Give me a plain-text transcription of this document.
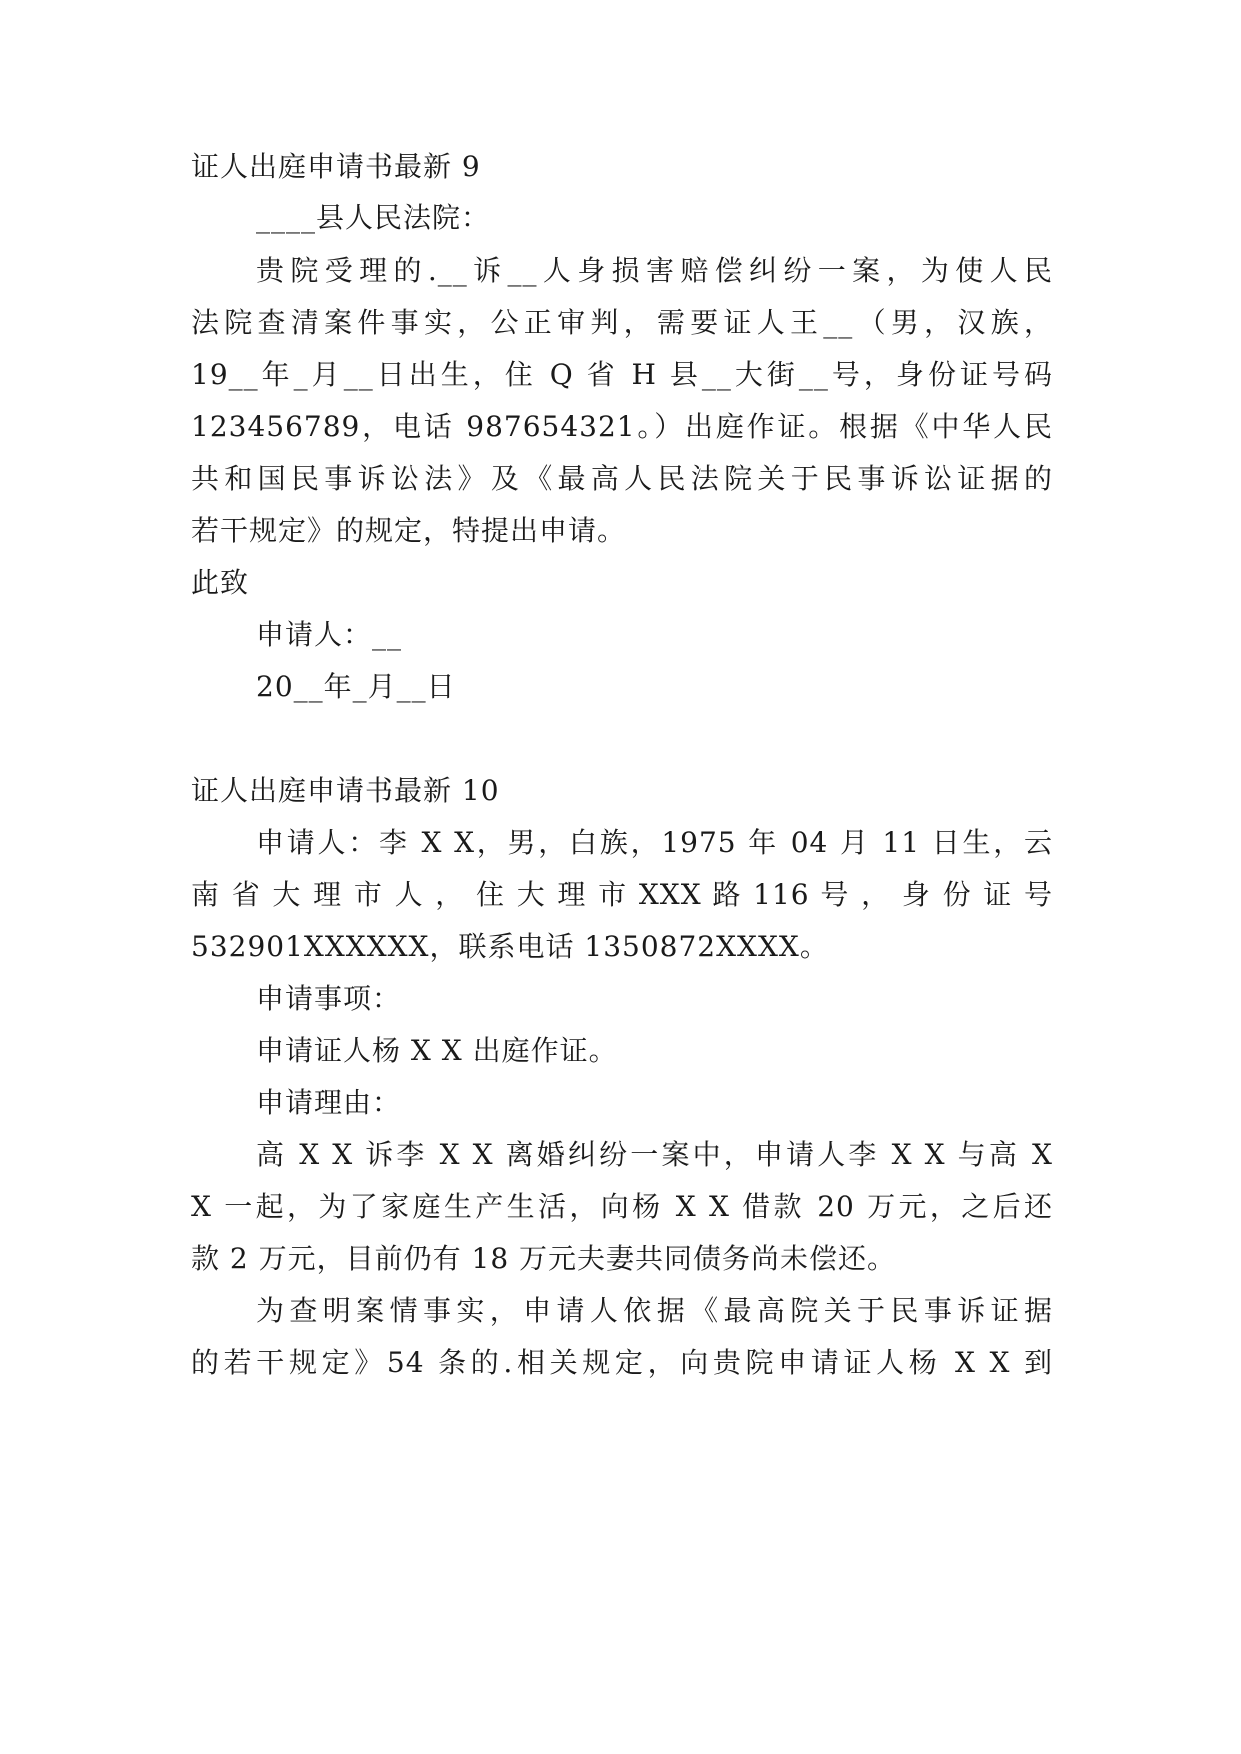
证人出庭申请书最新 9
____县人民法院：
贵院受理的.__诉__人身损害赔偿纠纷一案，为使人民
法院查清案件事实，公正审判，需要证人王__（男，汉族，
19__年_月__日出生，住 Q 省 H 县__大街__号，身份证号码
123456789，电话 987654321。）出庭作证。根据《中华人民
共和国民事诉讼法》及《最高人民法院关于民事诉讼证据的
若干规定》的规定，特提出申请。
此致
申请人：__
20__年_月__日
证人出庭申请书最新 10
申请人：李 X X，男，白族，1975 年 04 月 11 日生，云
南 省 大 理 市 人 ， 住 大 理 市 XXX 路 116 号 ， 身 份 证 号
532901XXXXXX，联系电话 1350872XXXX。
申请事项：
申请证人杨 X X 出庭作证。
申请理由：
高 X X 诉李 X X 离婚纠纷一案中，申请人李 X X 与高 X
X 一起，为了家庭生产生活，向杨 X X 借款 20 万元，之后还
款 2 万元，目前仍有 18 万元夫妻共同债务尚未偿还。
为查明案情事实，申请人依据《最高院关于民事诉证据
的若干规定》54 条的.相关规定，向贵院申请证人杨 X X 到
